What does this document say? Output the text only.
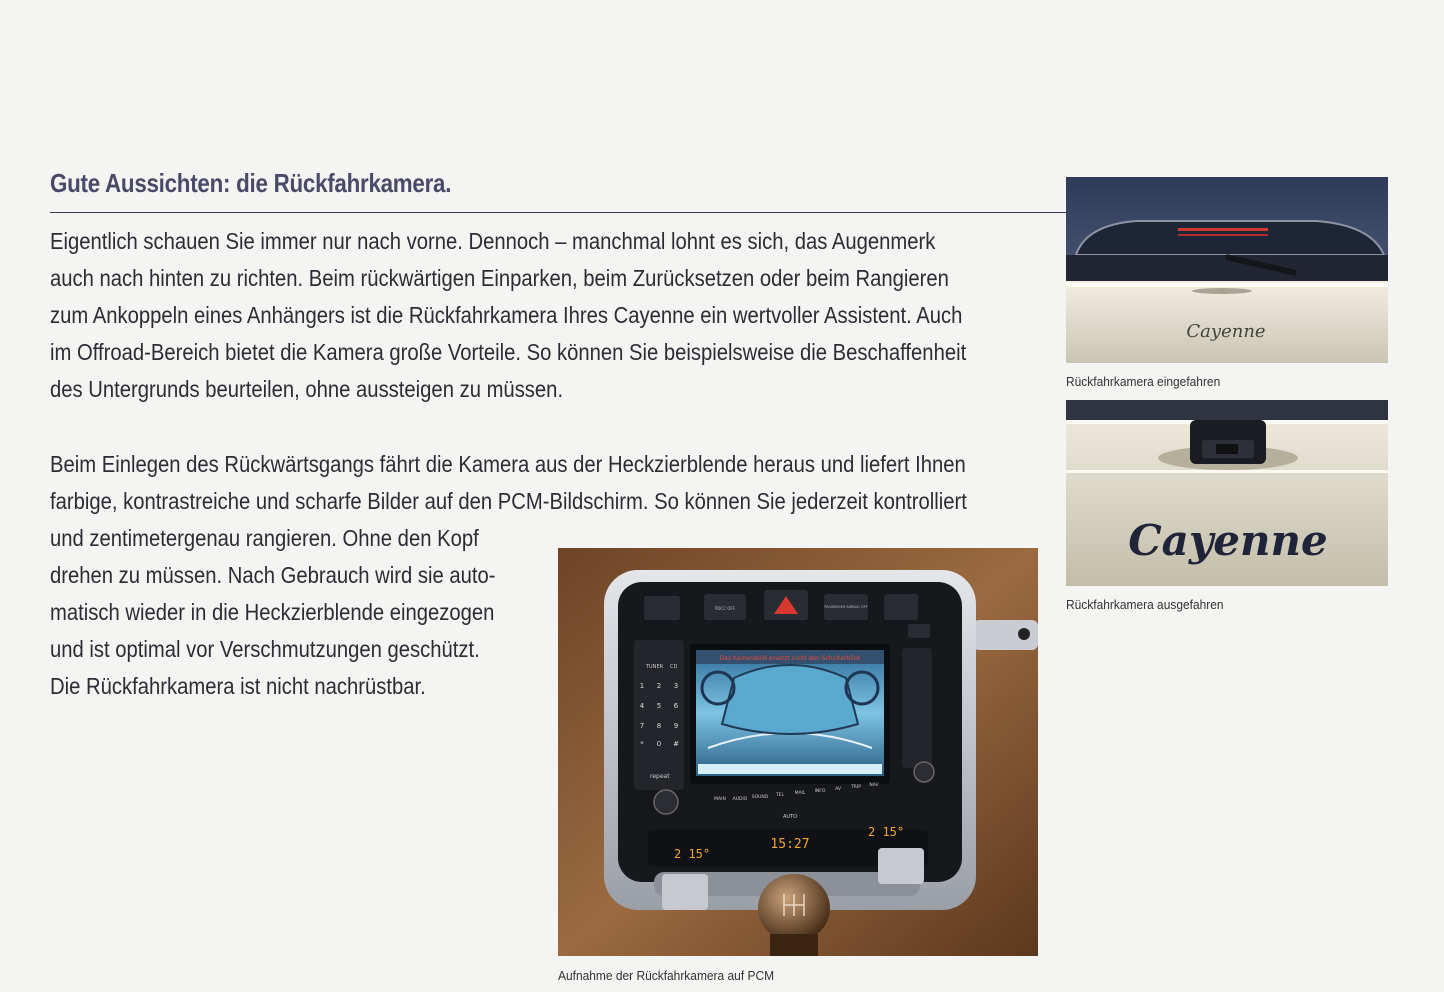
Gute Aussichten: die Rückfahrkamera.

Eigentlich schauen Sie immer nur nach vorne. Dennoch – manchmal lohnt es sich, das Augenmerk
auch nach hinten zu richten. Beim rückwärtigen Einparken, beim Zurücksetzen oder beim Rangieren
zum Ankoppeln eines Anhängers ist die Rückfahrkamera Ihres Cayenne ein wertvoller Assistent. Auch
im Offroad-Bereich bietet die Kamera große Vorteile. So können Sie beispielsweise die Beschaffenheit
des Untergrunds beurteilen, ohne aussteigen zu müssen.

Beim Einlegen des Rückwärtsgangs fährt die Kamera aus der Heckzierblende heraus und liefert Ihnen
farbige, kontrastreiche und scharfe Bilder auf den PCM-Bildschirm. So können Sie jederzeit kontrolliert

und zentimetergenau rangieren. Ohne den Kopf
drehen zu müssen. Nach Gebrauch wird sie auto-
matisch wieder in die Heckzierblende eingezogen
und ist optimal vor Verschmutzungen geschützt.
Die Rückfahrkamera ist nicht nachrüstbar.

Cayenne
Rückfahrkamera eingefahren
Cayenne
Rückfahrkamera ausgefahren
PDCC OFF	PASSENGER AIRBAG OFF
TUNER CD
1 2 3
4 5 6
7 8 9
* 0 #
repeat
Das Kamerabild ersetzt nicht den Schulterblick
MAIN AUDIO SOUND TEL MAIL INFO AV TRIP NAV
AUTO
15:27
2 15°
2 15°
Aufnahme der Rückfahrkamera auf PCM
